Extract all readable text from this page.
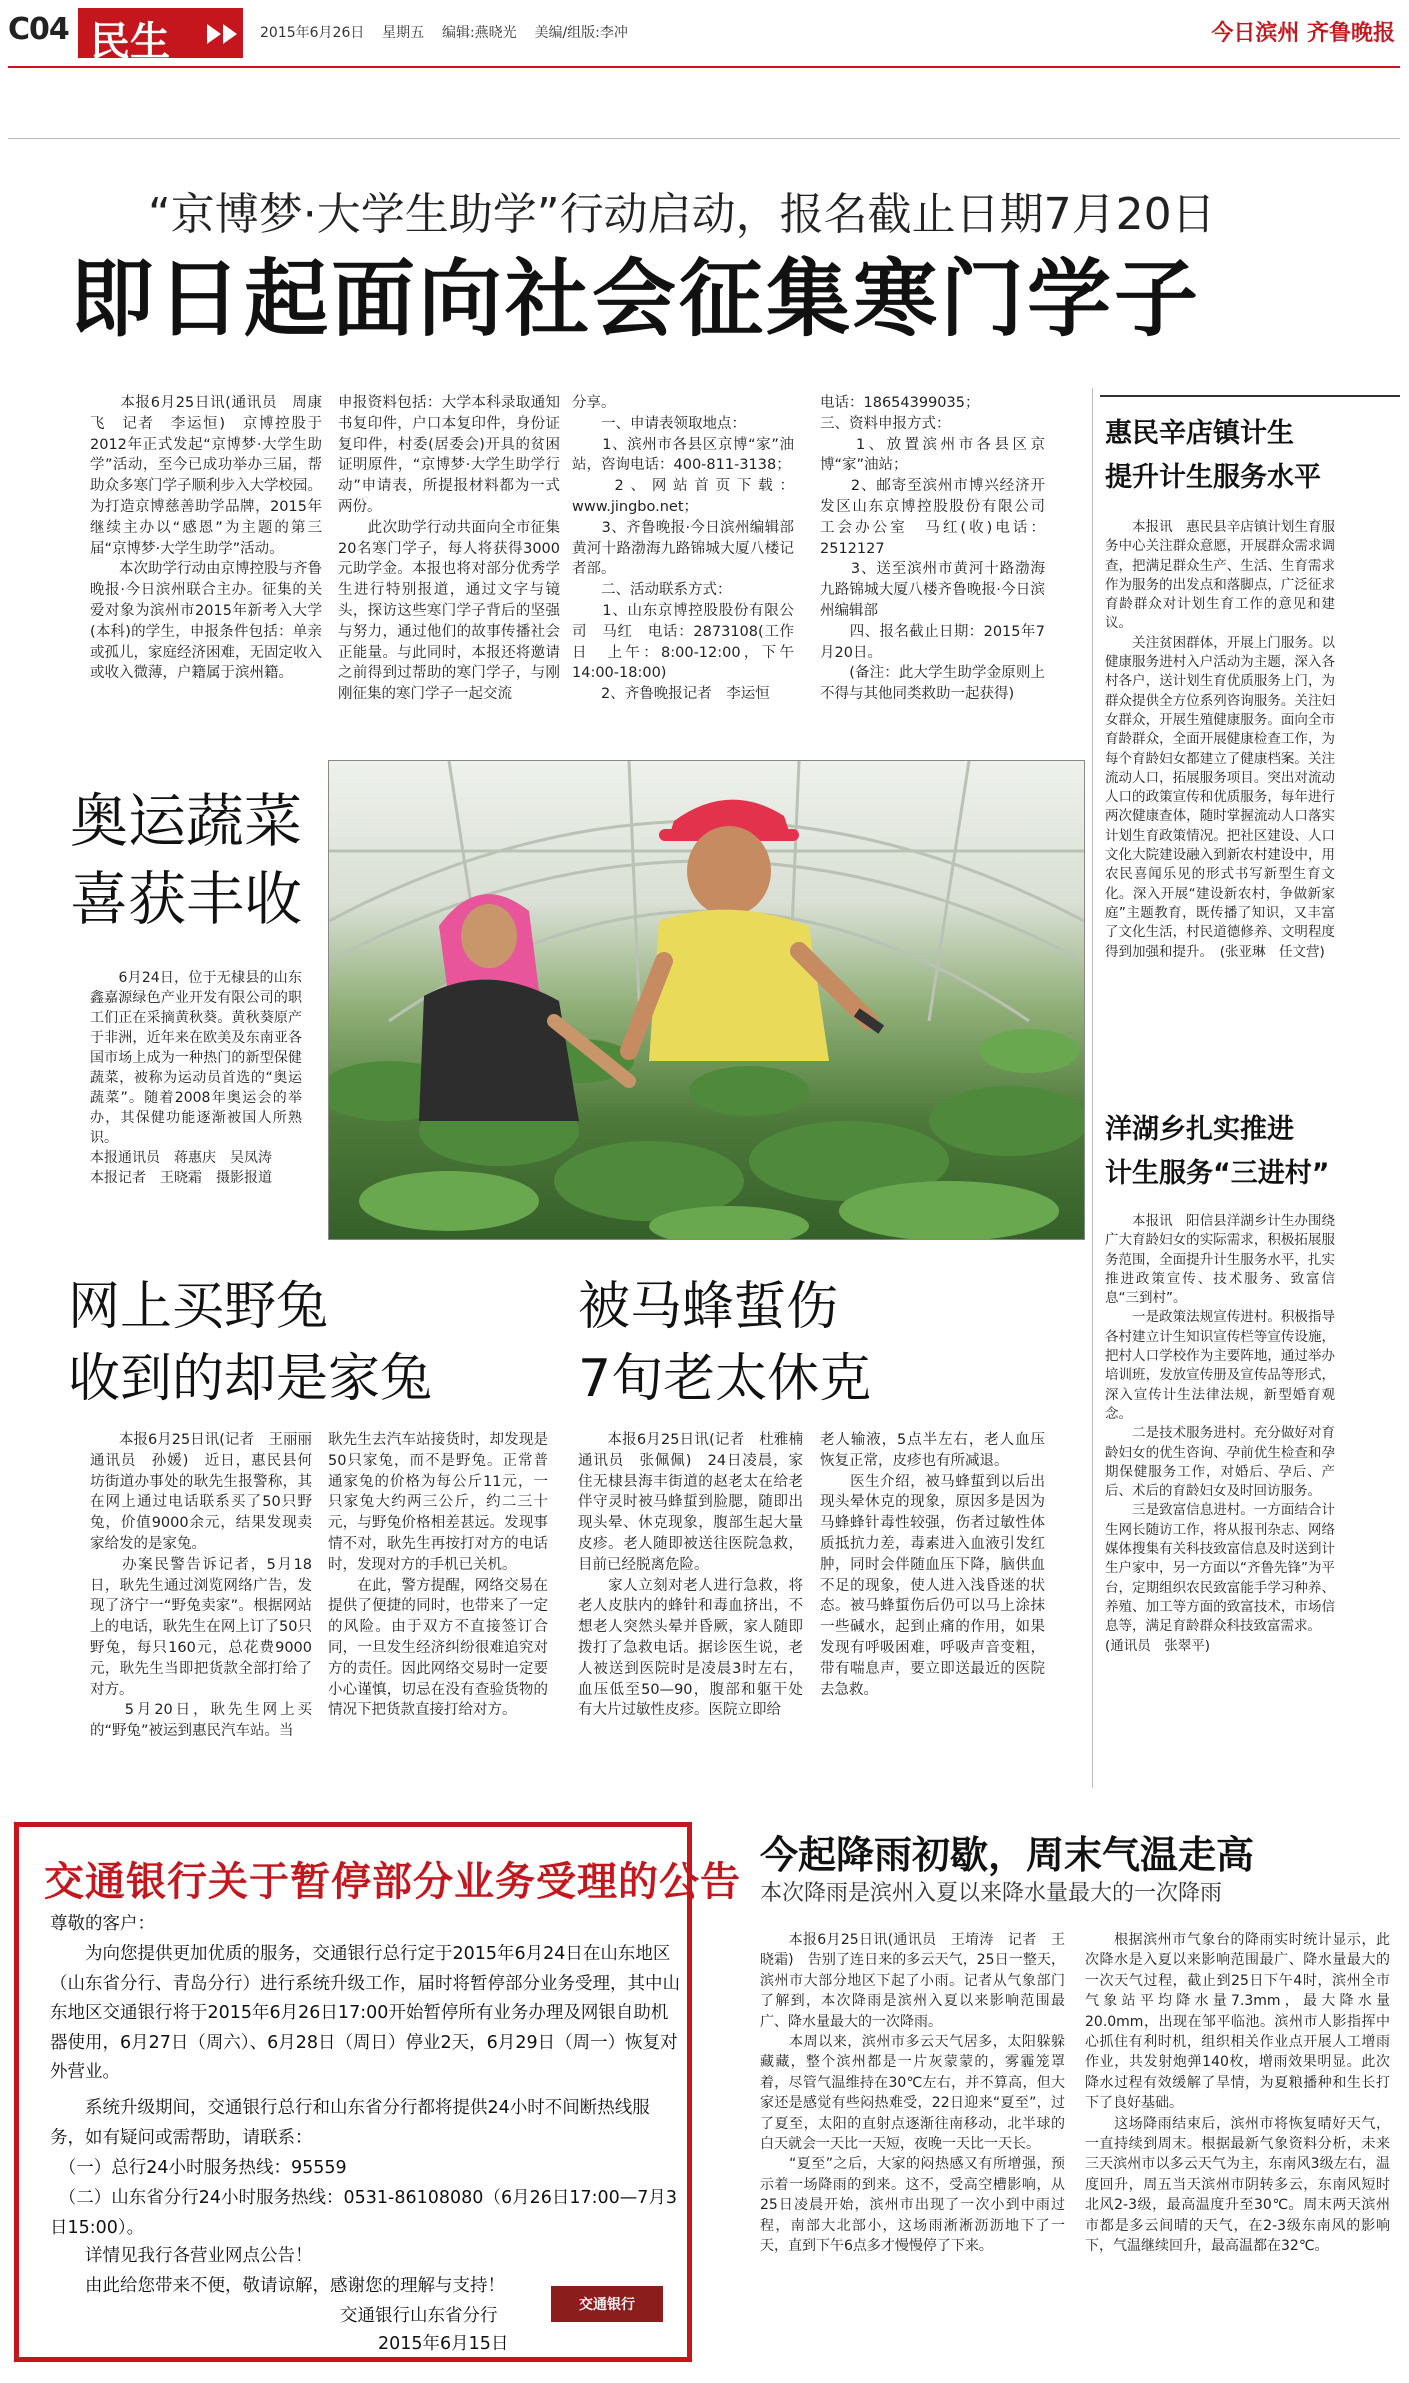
C04 民生	2015年6月26日    星期五    编辑:燕晓光    美编/组版:李冲	今日滨州 齐鲁晚报
“京博梦·大学生助学”行动启动，报名截止日期7月20日
即日起面向社会征集寒门学子
　　本报6月25日讯(通讯员　周康飞　记者　李运恒)　京博控股于2012年正式发起“京博梦·大学生助学”活动，至今已成功举办三届，帮助众多寒门学子顺利步入大学校园。为打造京博慈善助学品牌，2015年继续主办以“感恩”为主题的第三届“京博梦·大学生助学”活动。
　　本次助学行动由京博控股与齐鲁晚报·今日滨州联合主办。征集的关爱对象为滨州市2015年新考入大学(本科)的学生，申报条件包括：单亲或孤儿，家庭经济困难，无固定收入或收入微薄，户籍属于滨州籍。
申报资料包括：大学本科录取通知书复印件，户口本复印件，身份证复印件，村委(居委会)开具的贫困证明原件，“京博梦·大学生助学行动”申请表，所提报材料都为一式两份。
　　此次助学行动共面向全市征集20名寒门学子，每人将获得3000元助学金。本报也将对部分优秀学生进行特别报道，通过文字与镜头，探访这些寒门学子背后的坚强与努力，通过他们的故事传播社会正能量。与此同时，本报还将邀请之前得到过帮助的寒门学子，与刚刚征集的寒门学子一起交流
分享。
　　一、申请表领取地点：
　　1、滨州市各县区京博“家”油站，咨询电话：400-811-3138；
　　2、网站首页下载：www.jingbo.net；
　　3、齐鲁晚报·今日滨州编辑部黄河十路渤海九路锦城大厦八楼记者部。
　　二、活动联系方式：
　　1、山东京博控股股份有限公司　马红　电话：2873108(工作日　上午：8:00-12:00，下午14:00-18:00)
　　2、齐鲁晚报记者　李运恒
电话：18654399035；
三、资料申报方式：
　　1、放置滨州市各县区京博“家”油站；
　　2、邮寄至滨州市博兴经济开发区山东京博控股股份有限公司　工会办公室　马红(收)电话：2512127
　　3、送至滨州市黄河十路渤海九路锦城大厦八楼齐鲁晚报·今日滨州编辑部
　　四、报名截止日期：2015年7月20日。
　　(备注：此大学生助学金原则上不得与其他同类救助一起获得)
惠民辛店镇计生
提升计生服务水平
　　本报讯　惠民县辛店镇计划生育服务中心关注群众意愿，开展群众需求调查，把满足群众生产、生活、生育需求作为服务的出发点和落脚点，广泛征求育龄群众对计划生育工作的意见和建议。
　　关注贫困群体，开展上门服务。以健康服务进村入户活动为主题，深入各村各户，送计划生育优质服务上门，为群众提供全方位系列咨询服务。关注妇女群众，开展生殖健康服务。面向全市育龄群众，全面开展健康检查工作，为每个育龄妇女都建立了健康档案。关注流动人口，拓展服务项目。突出对流动人口的政策宣传和优质服务，每年进行两次健康查体，随时掌握流动人口落实计划生育政策情况。把社区建设、人口文化大院建设融入到新农村建设中，用农民喜闻乐见的形式书写新型生育文化。深入开展“建设新农村，争做新家庭”主题教育，既传播了知识，又丰富了文化生活，村民道德修养、文明程度得到加强和提升。　(张亚琳　任文营)
洋湖乡扎实推进
计生服务“三进村”
　　本报讯　阳信县洋湖乡计生办围绕广大育龄妇女的实际需求，积极拓展服务范围，全面提升计生服务水平，扎实推进政策宣传、技术服务、致富信息“三到村”。
　　一是政策法规宣传进村。积极指导各村建立计生知识宣传栏等宣传设施，把村人口学校作为主要阵地，通过举办培训班，发放宣传册及宣传品等形式，深入宣传计生法律法规，新型婚育观念。
　　二是技术服务进村。充分做好对育龄妇女的优生咨询、孕前优生检查和孕期保健服务工作，对婚后、孕后、产后、术后的育龄妇女及时回访服务。
　　三是致富信息进村。一方面结合计生网长随访工作，将从报刊杂志、网络媒体搜集有关科技致富信息及时送到计生户家中，另一方面以“齐鲁先锋”为平台，定期组织农民致富能手学习种养、养殖、加工等方面的致富技术，市场信息等，满足育龄群众科技致富需求。
(通讯员　张翠平)
奥运蔬菜
喜获丰收
　　6月24日，位于无棣县的山东鑫嘉源绿色产业开发有限公司的职工们正在采摘黄秋葵。黄秋葵原产于非洲，近年来在欧美及东南亚各国市场上成为一种热门的新型保健蔬菜，被称为运动员首选的“奥运蔬菜”。随着2008年奥运会的举办，其保健功能逐渐被国人所熟识。
本报通讯员　蒋惠庆　吴凤涛
本报记者　王晓霜　摄影报道
网上买野兔
收到的却是家兔
　　本报6月25日讯(记者　王丽丽　通讯员　孙媛)　近日，惠民县何坊街道办事处的耿先生报警称，其在网上通过电话联系买了50只野兔，价值9000余元，结果发现卖家给发的是家兔。
　　办案民警告诉记者，5月18日，耿先生通过浏览网络广告，发现了济宁一“野兔卖家”。根据网站上的电话，耿先生在网上订了50只野兔，每只160元，总花费9000元，耿先生当即把货款全部打给了对方。
　　5月20日，耿先生网上买的“野兔”被运到惠民汽车站。当
耿先生去汽车站接货时，却发现是50只家兔，而不是野兔。正常普通家兔的价格为每公斤11元，一只家兔大约两三公斤，约二三十元，与野兔价格相差甚远。发现事情不对，耿先生再按打对方的电话时，发现对方的手机已关机。
　　在此，警方提醒，网络交易在提供了便捷的同时，也带来了一定的风险。由于双方不直接签订合同，一旦发生经济纠纷很难追究对方的责任。因此网络交易时一定要小心谨慎，切忌在没有查验货物的情况下把货款直接打给对方。
被马蜂蜇伤
7旬老太休克
　　本报6月25日讯(记者　杜雅楠　通讯员　张佩佩)　24日凌晨，家住无棣县海丰街道的赵老太在给老伴守灵时被马蜂蜇到脸腮，随即出现头晕、休克现象，腹部生起大量皮疹。老人随即被送往医院急救，目前已经脱离危险。
　　家人立刻对老人进行急救，将老人皮肤内的蜂针和毒血挤出，不想老人突然头晕并昏厥，家人随即拨打了急救电话。据诊医生说，老人被送到医院时是凌晨3时左右，血压低至50—90，腹部和躯干处有大片过敏性皮疹。医院立即给
老人输液，5点半左右，老人血压恢复正常，皮疹也有所减退。
　　医生介绍，被马蜂蜇到以后出现头晕休克的现象，原因多是因为马蜂蜂针毒性较强，伤者过敏性体质抵抗力差，毒素进入血液引发红肿，同时会伴随血压下降，脑供血不足的现象，使人进入浅昏迷的状态。被马蜂蜇伤后仍可以马上涂抹一些碱水，起到止痛的作用，如果发现有呼吸困难，呼吸声音变粗，带有喘息声，要立即送最近的医院去急救。
交通银行关于暂停部分业务受理的公告
尊敬的客户：
　　为向您提供更加优质的服务，交通银行总行定于2015年6月24日在山东地区（山东省分行、青岛分行）进行系统升级工作，届时将暂停部分业务受理，其中山东地区交通银行将于2015年6月26日17:00开始暂停所有业务办理及网银自助机器使用，6月27日（周六）、6月28日（周日）停业2天，6月29日（周一）恢复对外营业。
　　系统升级期间，交通银行总行和山东省分行都将提供24小时不间断热线服务，如有疑问或需帮助，请联系：
　（一）总行24小时服务热线：95559
　（二）山东省分行24小时服务热线：0531-86108080（6月26日17:00—7月3日15:00）。
　　详情见我行各营业网点公告！
　　由此给您带来不便，敬请谅解，感谢您的理解与支持！
交通银行山东省分行
2015年6月15日
交通银行
今起降雨初歇，周末气温走高
本次降雨是滨州入夏以来降水量最大的一次降雨
　　本报6月25日讯(通讯员　王堉涛　记者　王晓霜)　告别了连日来的多云天气，25日一整天，滨州市大部分地区下起了小雨。记者从气象部门了解到，本次降雨是滨州入夏以来影响范围最广、降水量最大的一次降雨。
　　本周以来，滨州市多云天气居多，太阳躲躲藏藏，整个滨州都是一片灰蒙蒙的，雾霾笼罩着，尽管气温维持在30℃左右，并不算高，但大家还是感觉有些闷热难受，22日迎来“夏至”，过了夏至，太阳的直射点逐渐往南移动，北半球的白天就会一天比一天短，夜晚一天比一天长。
　　“夏至”之后，大家的闷热感又有所增强，预示着一场降雨的到来。这不，受高空槽影响，从25日凌晨开始，滨州市出现了一次小到中雨过程，南部大北部小，这场雨淅淅沥沥地下了一天，直到下午6点多才慢慢停了下来。
　　根据滨州市气象台的降雨实时统计显示，此次降水是入夏以来影响范围最广、降水量最大的一次天气过程，截止到25日下午4时，滨州全市气象站平均降水量7.3mm，最大降水量20.0mm，出现在邹平临池。滨州市人影指挥中心抓住有利时机，组织相关作业点开展人工增雨作业，共发射炮弹140枚，增雨效果明显。此次降水过程有效缓解了旱情，为夏粮播种和生长打下了良好基础。
　　这场降雨结束后，滨州市将恢复晴好天气，一直持续到周末。根据最新气象资料分析，未来三天滨州市以多云天气为主，东南风3级左右，温度回升，周五当天滨州市阴转多云，东南风短时北风2-3级，最高温度升至30℃。周末两天滨州市都是多云间晴的天气，在2-3级东南风的影响下，气温继续回升，最高温都在32℃。
